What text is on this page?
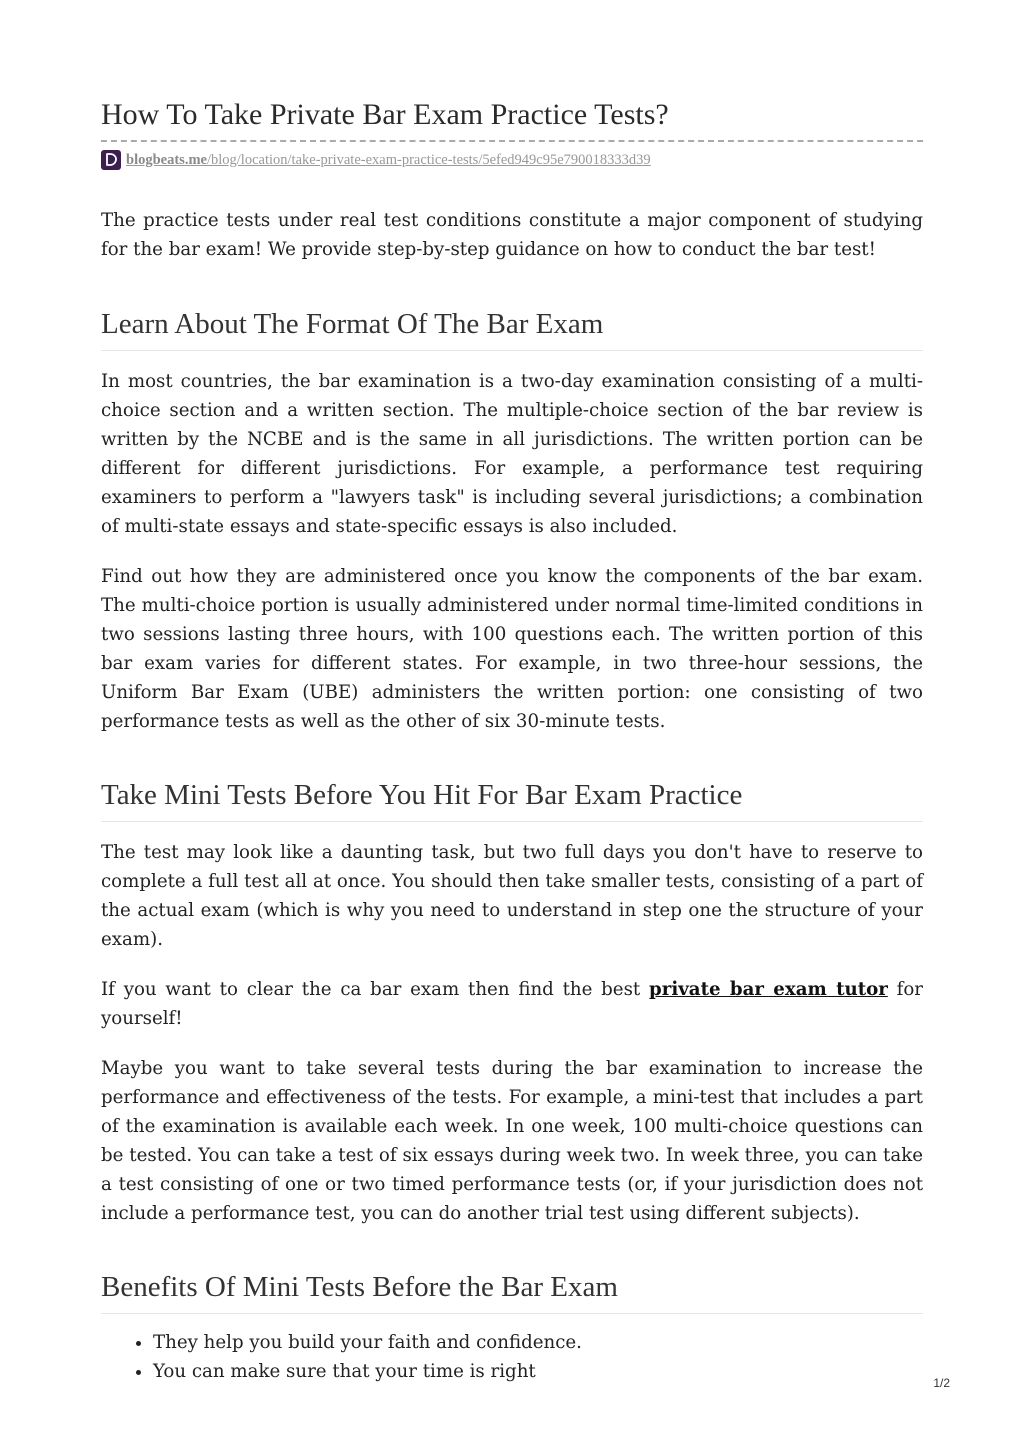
How To Take Private Bar Exam Practice Tests?
blogbeats.me/blog/location/take-private-exam-practice-tests/5efed949c95e790018333d39

The practice tests under real test conditions constitute a major component of studying for the bar exam! We provide step-by-step guidance on how to conduct the bar test!

Learn About The Format Of The Bar Exam

In most countries, the bar examination is a two-day examination consisting of a multi-choice section and a written section. The multiple-choice section of the bar review is written by the NCBE and is the same in all jurisdictions. The written portion can be different for different jurisdictions. For example, a performance test requiring examiners to perform a "lawyers task" is including several jurisdictions; a combination of multi-state essays and state-specific essays is also included.

Find out how they are administered once you know the components of the bar exam. The multi-choice portion is usually administered under normal time-limited conditions in two sessions lasting three hours, with 100 questions each. The written portion of this bar exam varies for different states. For example, in two three-hour sessions, the Uniform Bar Exam (UBE) administers the written portion: one consisting of two performance tests as well as the other of six 30-minute tests.

Take Mini Tests Before You Hit For Bar Exam Practice

The test may look like a daunting task, but two full days you don't have to reserve to complete a full test all at once. You should then take smaller tests, consisting of a part of the actual exam (which is why you need to understand in step one the structure of your exam).

If you want to clear the ca bar exam then find the best private bar exam tutor for yourself!

Maybe you want to take several tests during the bar examination to increase the performance and effectiveness of the tests. For example, a mini-test that includes a part of the examination is available each week. In one week, 100 multi-choice questions can be tested. You can take a test of six essays during week two. In week three, you can take a test consisting of one or two timed performance tests (or, if your jurisdiction does not include a performance test, you can do another trial test using different subjects).

Benefits Of Mini Tests Before the Bar Exam
• They help you build your faith and confidence.
• You can make sure that your time is right
1/2
